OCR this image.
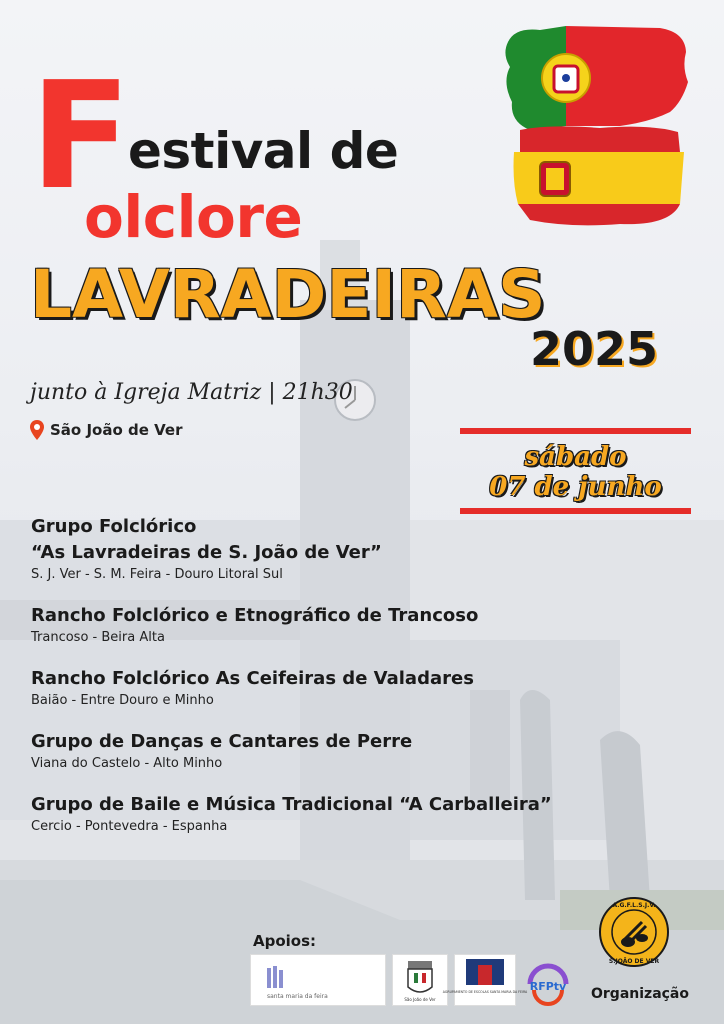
F
estival de
olclore
LAVRADEIRAS
2025
junto à Igreja Matriz | 21h30
São João de Ver
sábado
07 de junho
Grupo Folclórico
“As Lavradeiras de S. João de Ver”
S. J. Ver - S. M. Feira - Douro Litoral Sul
Rancho Folclórico e Etnográfico de Trancoso
Trancoso - Beira Alta
Rancho Folclórico As Ceifeiras de Valadares
Baião - Entre Douro e Minho
Grupo de Danças e Cantares de Perre
Viana do Castelo - Alto Minho
Grupo de Baile e Música Tradicional “A Carballeira”
Cercio - Pontevedra - Espanha
Apoios:
santa maria da feira	São João de Ver
AGRUPAMENTO DE ESCOLAS SANTA MARIA DA FEIRA RFPtv
A.G.F.L.S.J.V.
S.JOÃO DE VER
Organização
